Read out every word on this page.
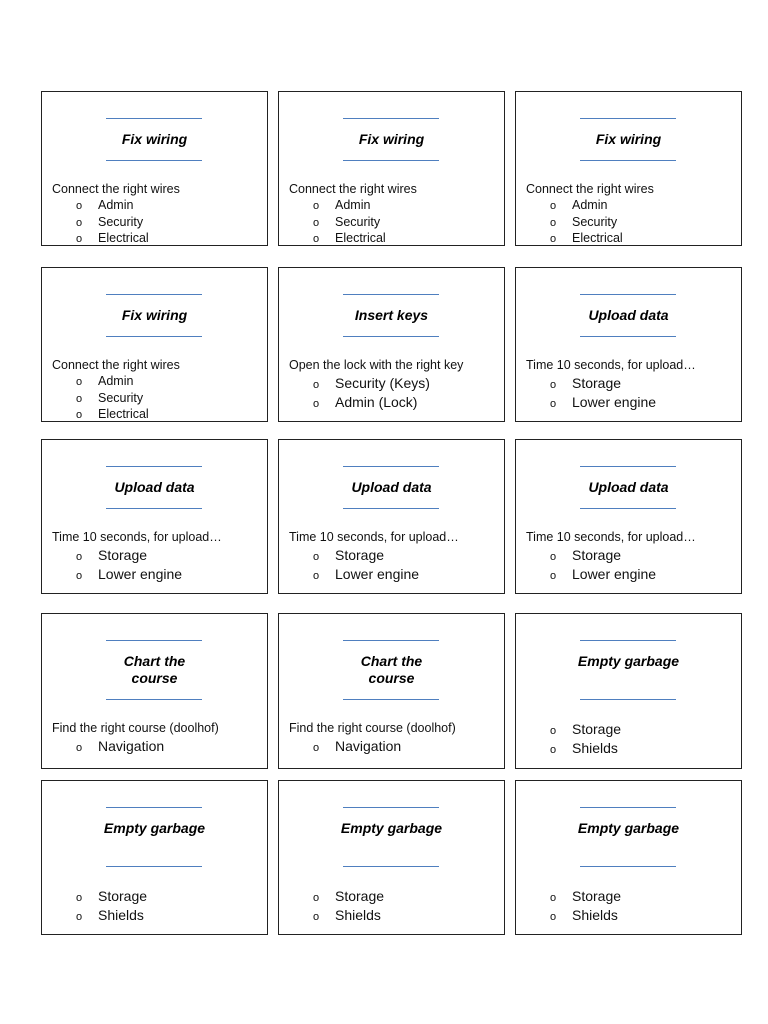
Fix wiring
Connect the right wires
o Admin
o Security
o Electrical
Fix wiring
Connect the right wires
o Admin
o Security
o Electrical
Fix wiring
Connect the right wires
o Admin
o Security
o Electrical
Fix wiring
Connect the right wires
o Admin
o Security
o Electrical
Insert keys
Open the lock with the right key
o Security (Keys)
o Admin (Lock)
Upload data
Time 10 seconds, for upload…
o Storage
o Lower engine
Upload data
Time 10 seconds, for upload…
o Storage
o Lower engine
Upload data
Time 10 seconds, for upload…
o Storage
o Lower engine
Upload data
Time 10 seconds, for upload…
o Storage
o Lower engine
Chart the course
Find the right course (doolhof)
o Navigation
Chart the course
Find the right course (doolhof)
o Navigation
Empty garbage
o Storage
o Shields
Empty garbage
o Storage
o Shields
Empty garbage
o Storage
o Shields
Empty garbage
o Storage
o Shields
